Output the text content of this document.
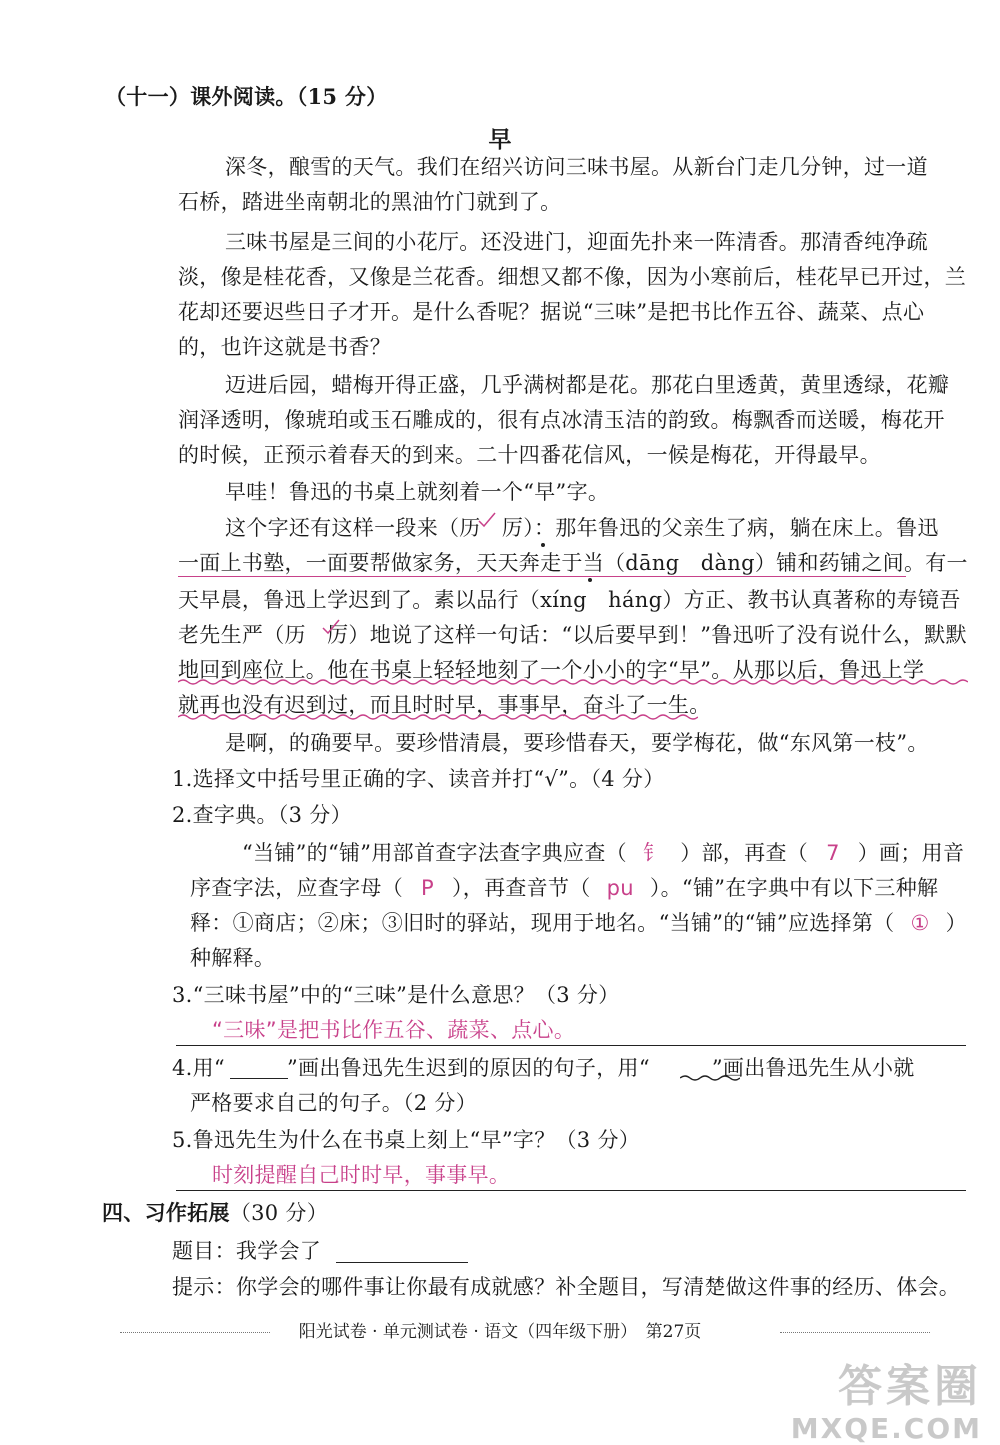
（十一）课外阅读。（15 分）
早
深冬，酿雪的天气。我们在绍兴访问三味书屋。从新台门走几分钟，过一道
石桥，踏进坐南朝北的黑油竹门就到了。
三味书屋是三间的小花厅。还没进门，迎面先扑来一阵清香。那清香纯净疏
淡，像是桂花香，又像是兰花香。细想又都不像，因为小寒前后，桂花早已开过，兰
花却还要迟些日子才开。是什么香呢？据说“三味”是把书比作五谷、蔬菜、点心
的，也许这就是书香？
迈进后园，蜡梅开得正盛，几乎满树都是花。那花白里透黄，黄里透绿，花瓣
润泽透明，像琥珀或玉石雕成的，很有点冰清玉洁的韵致。梅飘香而送暖，梅花开
的时候，正预示着春天的到来。二十四番花信风，一候是梅花，开得最早。
早哇！鲁迅的书桌上就刻着一个“早”字。
这个字还有这样一段来（历　厉）：那年鲁迅的父亲生了病，躺在床上。鲁迅
一面上书塾，一面要帮做家务，天天奔走于当（dāng　dàng）铺和药铺之间。有一
天早晨，鲁迅上学迟到了。素以品行（xíng　háng）方正、教书认真著称的寿镜吾
老先生严（历　厉）地说了这样一句话：“以后要早到！”鲁迅听了没有说什么，默默
地回到座位上。他在书桌上轻轻地刻了一个小小的字“早”。从那以后，鲁迅上学
就再也没有迟到过，而且时时早，事事早，奋斗了一生。
是啊，的确要早。要珍惜清晨，要珍惜春天，要学梅花，做“东风第一枝”。
1.选择文中括号里正确的字、读音并打“√”。（4 分）
2.查字典。（3 分）
“当铺”的“铺”用部首查字法查字典应查（ 钅 ）部，再查（ 7 ）画；用音
序查字法，应查字母（ P ），再查音节（ pu ）。“铺”在字典中有以下三种解
释：①商店；②床；③旧时的驿站，现用于地名。“当铺”的“铺”应选择第（ ① ）
种解释。
3.“三味书屋”中的“三味”是什么意思？（3 分）
“三味”是把书比作五谷、蔬菜、点心。
4.用“	”画出鲁迅先生迟到的原因的句子，用“	”画出鲁迅先生从小就
严格要求自己的句子。（2 分）
5.鲁迅先生为什么在书桌上刻上“早”字？（3 分）
时刻提醒自己时时早，事事早。
四、习作拓展（30 分）
题目：我学会了
提示：你学会的哪件事让你最有成就感？补全题目，写清楚做这件事的经历、体会。
阳光试卷 · 单元测试卷 · 语文（四年级下册）　第27页
答案圈
MXQE.COM
